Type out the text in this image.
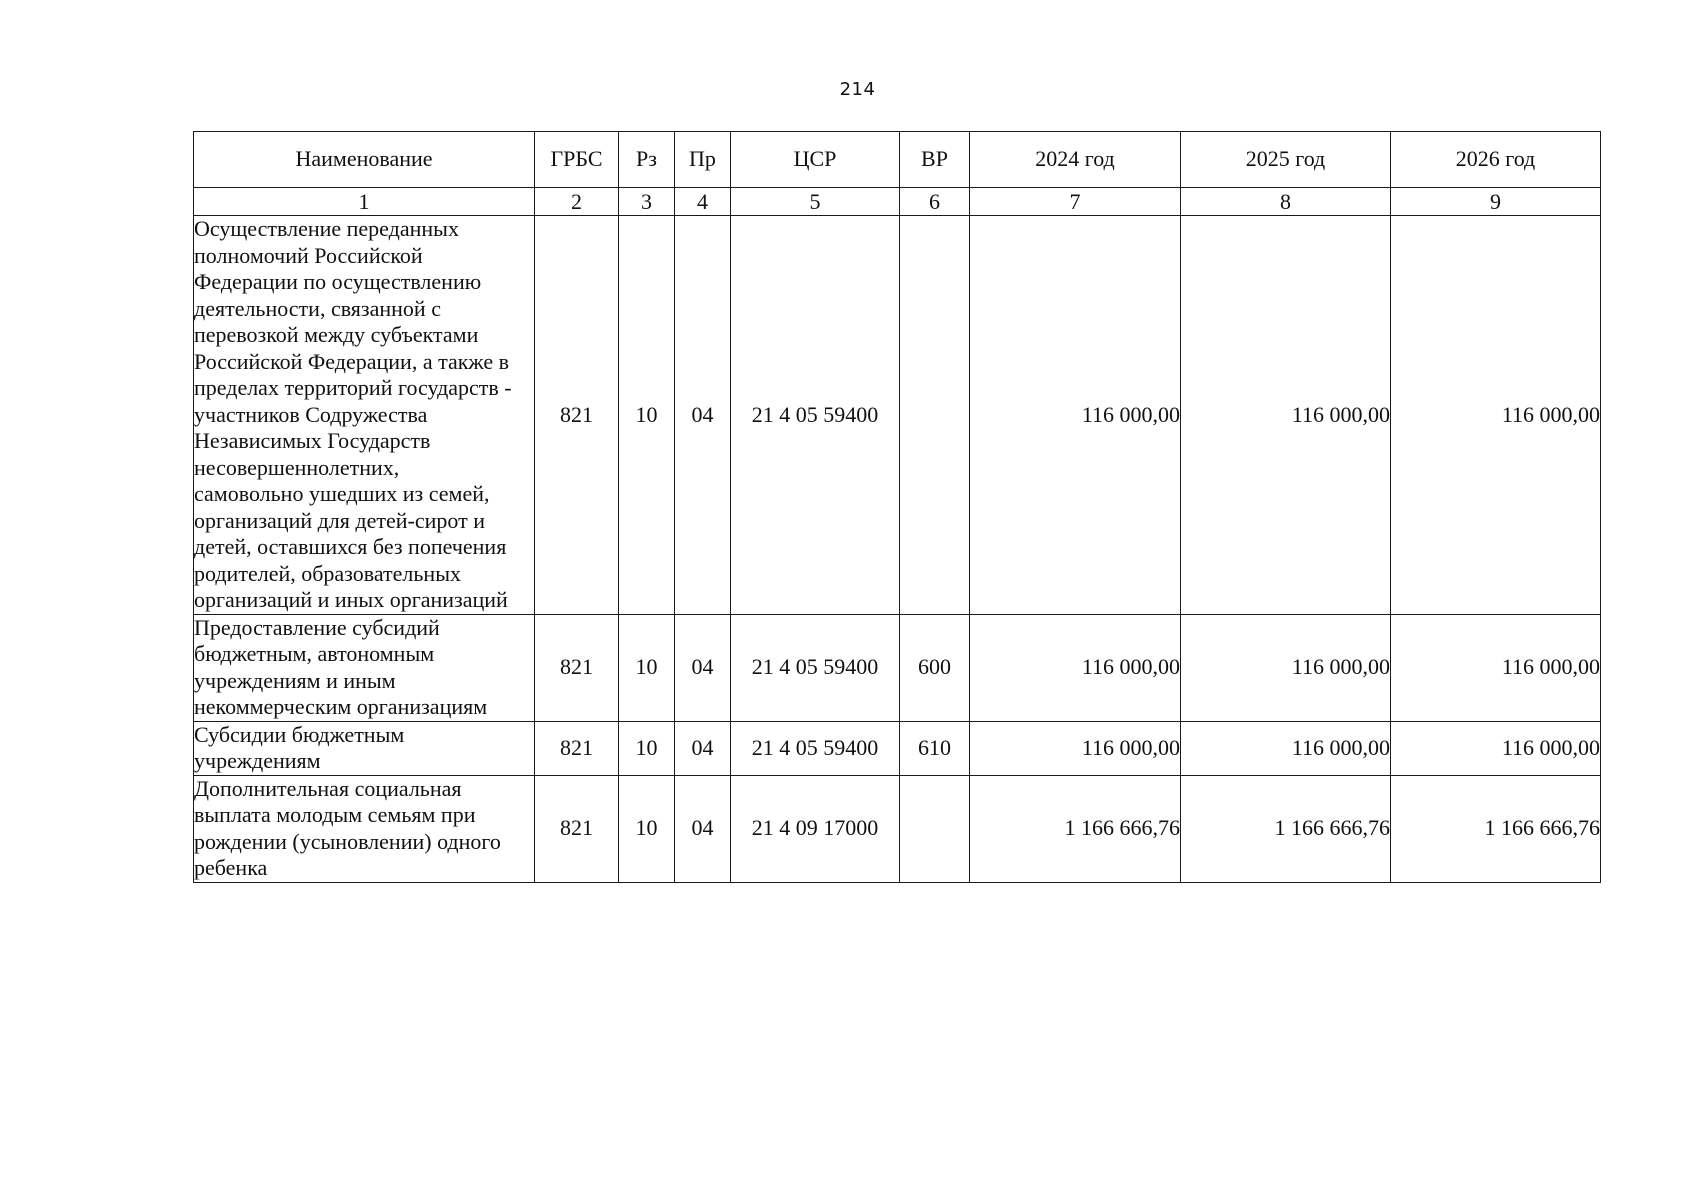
214
Наименование	ГРБС	Рз	Пр	ЦСР	ВР	2024 год	2025 год	2026 год
1	2	3	4	5	6	7	8	9

Осуществление переданных полномочий Российской Федерации по осуществлению деятельности, связанной с перевозкой между субъектами Российской Федерации, а также в пределах территорий государств - участников Содружества Независимых Государств несовершеннолетних, самовольно ушедших из семей, организаций для детей-сирот и детей, оставшихся без попечения родителей, образовательных организаций и иных организаций	821	10	04	21 4 05 59400		116 000,00	116 000,00	116 000,00

Предоставление субсидий бюджетным, автономным учреждениям и иным некоммерческим организациям	821	10	04	21 4 05 59400	600	116 000,00	116 000,00	116 000,00

Субсидии бюджетным учреждениям	821	10	04	21 4 05 59400	610	116 000,00	116 000,00	116 000,00

Дополнительная социальная выплата молодым семьям при рождении (усыновлении) одного ребенка	821	10	04	21 4 09 17000		1 166 666,76	1 166 666,76	1 166 666,76
